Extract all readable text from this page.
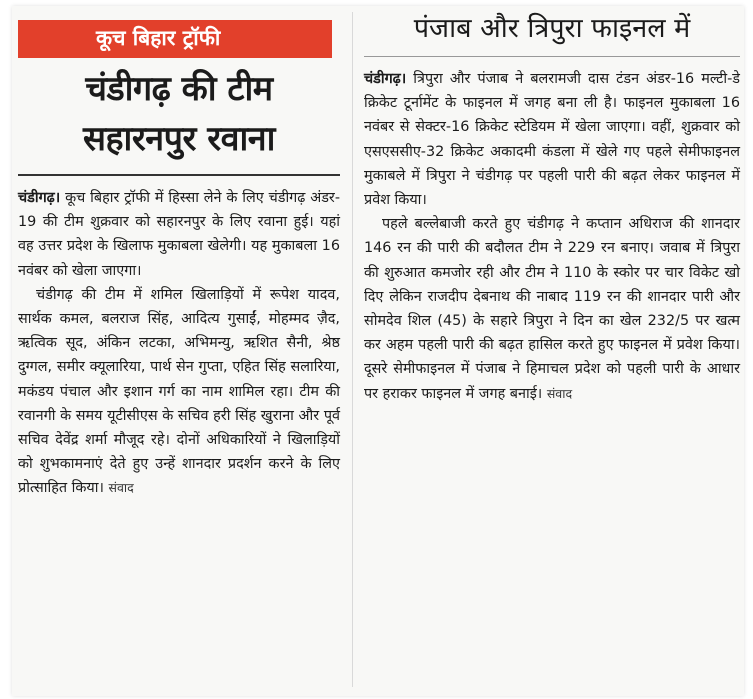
कूच बिहार ट्रॉफी
चंडीगढ़ की टीम
सहारनपुर रवाना

चंडीगढ़। कूच बिहार ट्रॉफी में हिस्सा लेने के लिए चंडीगढ़ अंडर- 19 की टीम शुक्रवार को सहारनपुर के लिए रवाना हुई। यहां वह उत्तर प्रदेश के खिलाफ मुकाबला खेलेगी। यह मुकाबला 16 नवंबर को खेला जाएगा।

चंडीगढ़ की टीम में शमिल खिलाड़ियों में रूपेश यादव, सार्थक कमल, बलराज सिंह, आदित्य गुसाईं, मोहम्मद ज़ैद, ऋत्विक सूद, अंकिन लटका, अभिमन्यु, ऋशित सैनी, श्रेष्ठ दुग्गल, समीर क्यूलारिया, पार्थ सेन गुप्ता, एहित सिंह सलारिया, मकंडय पंचाल और इशान गर्ग का नाम शामिल रहा। टीम की रवानगी के समय यूटीसीएस के सचिव हरी सिंह खुराना और पूर्व सचिव देवेंद्र शर्मा मौजूद रहे। दोनों अधिकारियों ने खिलाड़ियों को शुभकामनाएं देते हुए उन्हें शानदार प्रदर्शन करने के लिए प्रोत्साहित किया। संवाद

पंजाब और त्रिपुरा फाइनल में

चंडीगढ़। त्रिपुरा और पंजाब ने बलरामजी दास टंडन अंडर-16 मल्टी-डे क्रिकेट टूर्नामेंट के फाइनल में जगह बना ली है। फाइनल मुकाबला 16 नवंबर से सेक्टर-16 क्रिकेट स्टेडियम में खेला जाएगा। वहीं, शुक्रवार को एसएससीए-32 क्रिकेट अकादमी कंडला में खेले गए पहले सेमीफाइनल मुकाबले में त्रिपुरा ने चंडीगढ़ पर पहली पारी की बढ़त लेकर फाइनल में प्रवेश किया।

पहले बल्लेबाजी करते हुए चंडीगढ़ ने कप्तान अधिराज की शानदार 146 रन की पारी की बदौलत टीम ने 229 रन बनाए। जवाब में त्रिपुरा की शुरुआत कमजोर रही और टीम ने 110 के स्कोर पर चार विकेट खो दिए लेकिन राजदीप देबनाथ की नाबाद 119 रन की शानदार पारी और सोमदेव शिल (45) के सहारे त्रिपुरा ने दिन का खेल 232/5 पर खत्म कर अहम पहली पारी की बढ़त हासिल करते हुए फाइनल में प्रवेश किया। दूसरे सेमीफाइनल में पंजाब ने हिमाचल प्रदेश को पहली पारी के आधार पर हराकर फाइनल में जगह बनाई। संवाद
